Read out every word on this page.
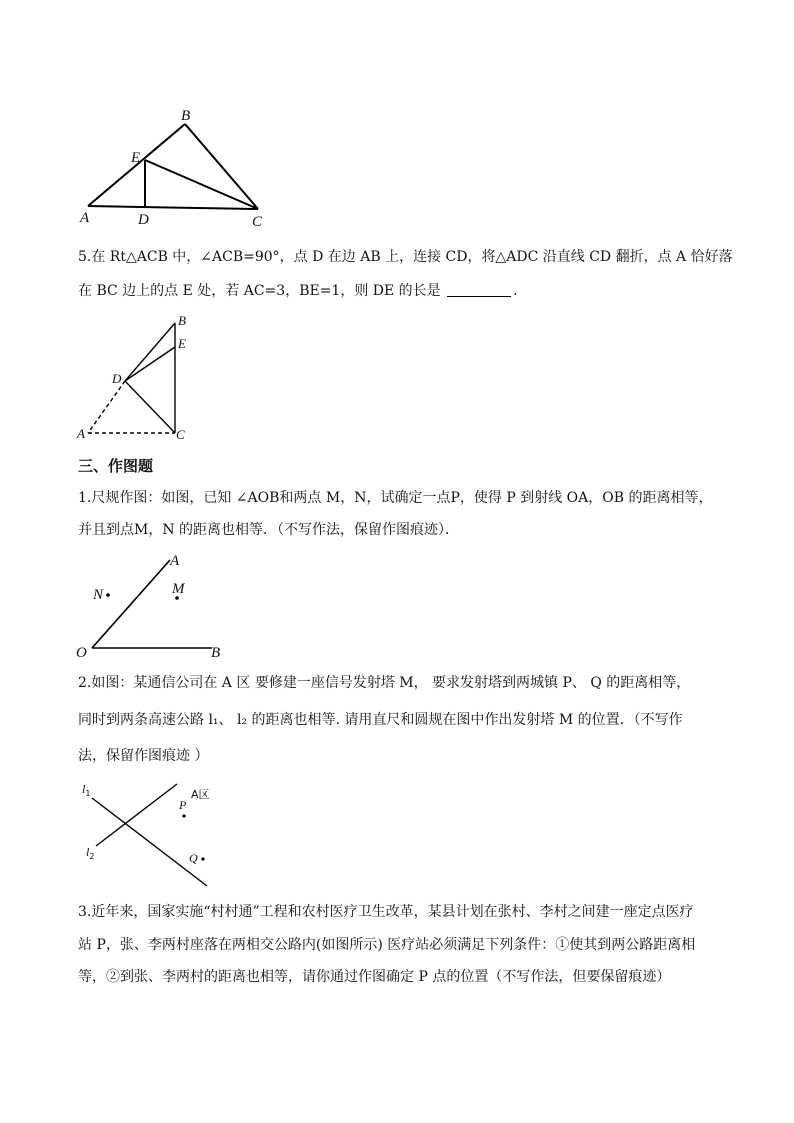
B
E
A	D	C
5.在 Rt△ACB 中，∠ACB=90°，点 D 在边 AB 上，连接 CD，将△ADC 沿直线 CD 翻折，点 A 恰好落
在 BC 边上的点 E 处，若 AC=3，BE=1，则 DE 的长是	.
B
E
D
A	C
三、作图题
1.尺规作图：如图，已知 ∠AOB和两点 M，N，试确定一点P，使得 P 到射线 OA，OB 的距离相等，
并且到点M，N 的距离也相等．（不写作法，保留作图痕迹）．
A
M
N
O	B
2.如图：某通信公司在 A 区 要修建一座信号发射塔 M， 要求发射塔到两城镇 P、 Q 的距离相等，
同时到两条高速公路 l₁、 l₂ 的距离也相等. 请用直尺和圆规在图中作出发射塔 M 的位置．（不写作
法，保留作图痕迹 ）
$l_1$
$l_2$
P
A区
Q
3.近年来，国家实施“村村通”工程和农村医疗卫生改革，某县计划在张村、李村之间建一座定点医疗
站 P，张、李两村座落在两相交公路内(如图所示) 医疗站必须满足下列条件：①使其到两公路距离相
等，②到张、李两村的距离也相等，请你通过作图确定 P 点的位置（不写作法，但要保留痕迹）
